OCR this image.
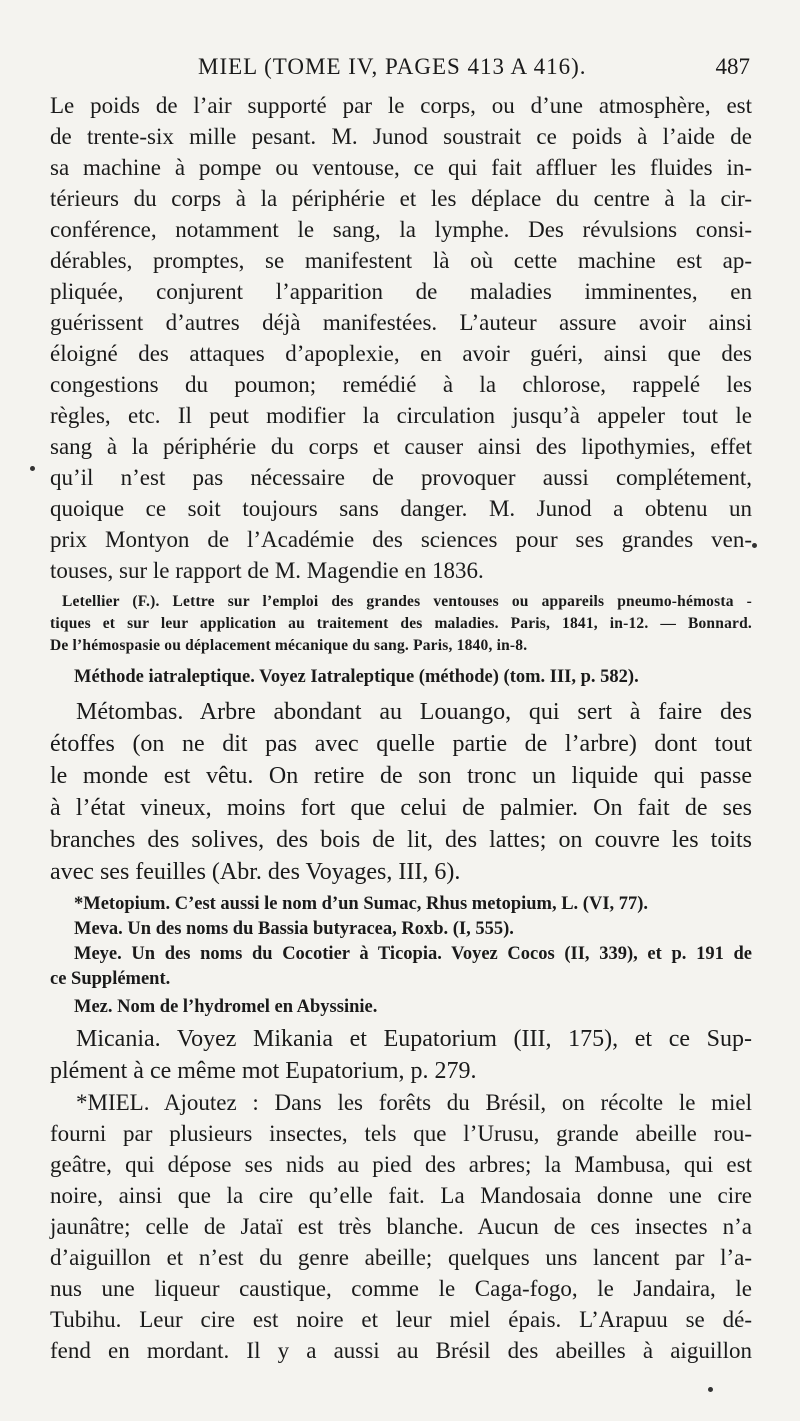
MIEL (TOME IV, PAGES 413 A 416).	487
Le poids de l’air supporté par le corps, ou d’une atmosphère, est
de trente-six mille pesant. M. Junod soustrait ce poids à l’aide de
sa machine à pompe ou ventouse, ce qui fait affluer les fluides in-
térieurs du corps à la périphérie et les déplace du centre à la cir-
conférence, notamment le sang, la lymphe. Des révulsions consi-
dérables, promptes, se manifestent là où cette machine est ap-
pliquée, conjurent l’apparition de maladies imminentes, en
guérissent d’autres déjà manifestées. L’auteur assure avoir ainsi
éloigné des attaques d’apoplexie, en avoir guéri, ainsi que des
congestions du poumon; remédié à la chlorose, rappelé les
règles, etc. Il peut modifier la circulation jusqu’à appeler tout le
sang à la périphérie du corps et causer ainsi des lipothymies, effet
qu’il n’est pas nécessaire de provoquer aussi complétement,
quoique ce soit toujours sans danger. M. Junod a obtenu un
prix Montyon de l’Académie des sciences pour ses grandes ven-
touses, sur le rapport de M. Magendie en 1836.
Letellier (F.). Lettre sur l’emploi des grandes ventouses ou appareils pneumo-hémosta -
tiques et sur leur application au traitement des maladies. Paris, 1841, in-12. — Bonnard.
De l’hémospasie ou déplacement mécanique du sang. Paris, 1840, in-8.
Méthode iatraleptique. Voyez Iatraleptique (méthode) (tom. III, p. 582).
Métombas. Arbre abondant au Louango, qui sert à faire des
étoffes (on ne dit pas avec quelle partie de l’arbre) dont tout
le monde est vêtu. On retire de son tronc un liquide qui passe
à l’état vineux, moins fort que celui de palmier. On fait de ses
branches des solives, des bois de lit, des lattes; on couvre les toits
avec ses feuilles (Abr. des Voyages, III, 6).
*Metopium. C’est aussi le nom d’un Sumac, Rhus metopium, L. (VI, 77).
Meva. Un des noms du Bassia butyracea, Roxb. (I, 555).
Meye. Un des noms du Cocotier à Ticopia. Voyez Cocos (II, 339), et p. 191 de
ce Supplément.
Mez. Nom de l’hydromel en Abyssinie.
Micania. Voyez Mikania et Eupatorium (III, 175), et ce Sup-
plément à ce même mot Eupatorium, p. 279.
*MIEL. Ajoutez : Dans les forêts du Brésil, on récolte le miel
fourni par plusieurs insectes, tels que l’Urusu, grande abeille rou-
geâtre, qui dépose ses nids au pied des arbres; la Mambusa, qui est
noire, ainsi que la cire qu’elle fait. La Mandosaia donne une cire
jaunâtre; celle de Jataï est très blanche. Aucun de ces insectes n’a
d’aiguillon et n’est du genre abeille; quelques uns lancent par l’a-
nus une liqueur caustique, comme le Caga-fogo, le Jandaira, le
Tubihu. Leur cire est noire et leur miel épais. L’Arapuu se dé-
fend en mordant. Il y a aussi au Brésil des abeilles à aiguillon
